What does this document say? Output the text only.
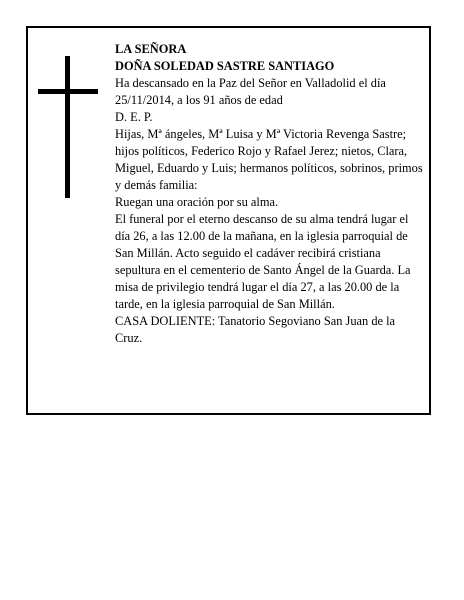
LA SEÑORA

DOÑA SOLEDAD SASTRE SANTIAGO

Ha descansado en la Paz del Señor en Valladolid el día 25/11/2014, a los 91 años de edad

D. E. P.

Hijas, Mª ángeles, Mª Luisa y Mª Victoria Revenga Sastre; hijos políticos, Federico Rojo y Rafael Jerez; nietos, Clara, Miguel, Eduardo y Luis; hermanos políticos, sobrinos, primos y demás familia:

Ruegan una oración por su alma.

El funeral por el eterno descanso de su alma tendrá lugar el día 26, a las 12.00 de la mañana, en la iglesia parroquial de San Millán. Acto seguido el cadáver recibirá cristiana sepultura en el cementerio de Santo Ángel de la Guarda. La misa de privilegio tendrá lugar el día 27, a las 20.00 de la tarde, en la iglesia parroquial de San Millán.

CASA DOLIENTE: Tanatorio Segoviano San Juan de la Cruz.
